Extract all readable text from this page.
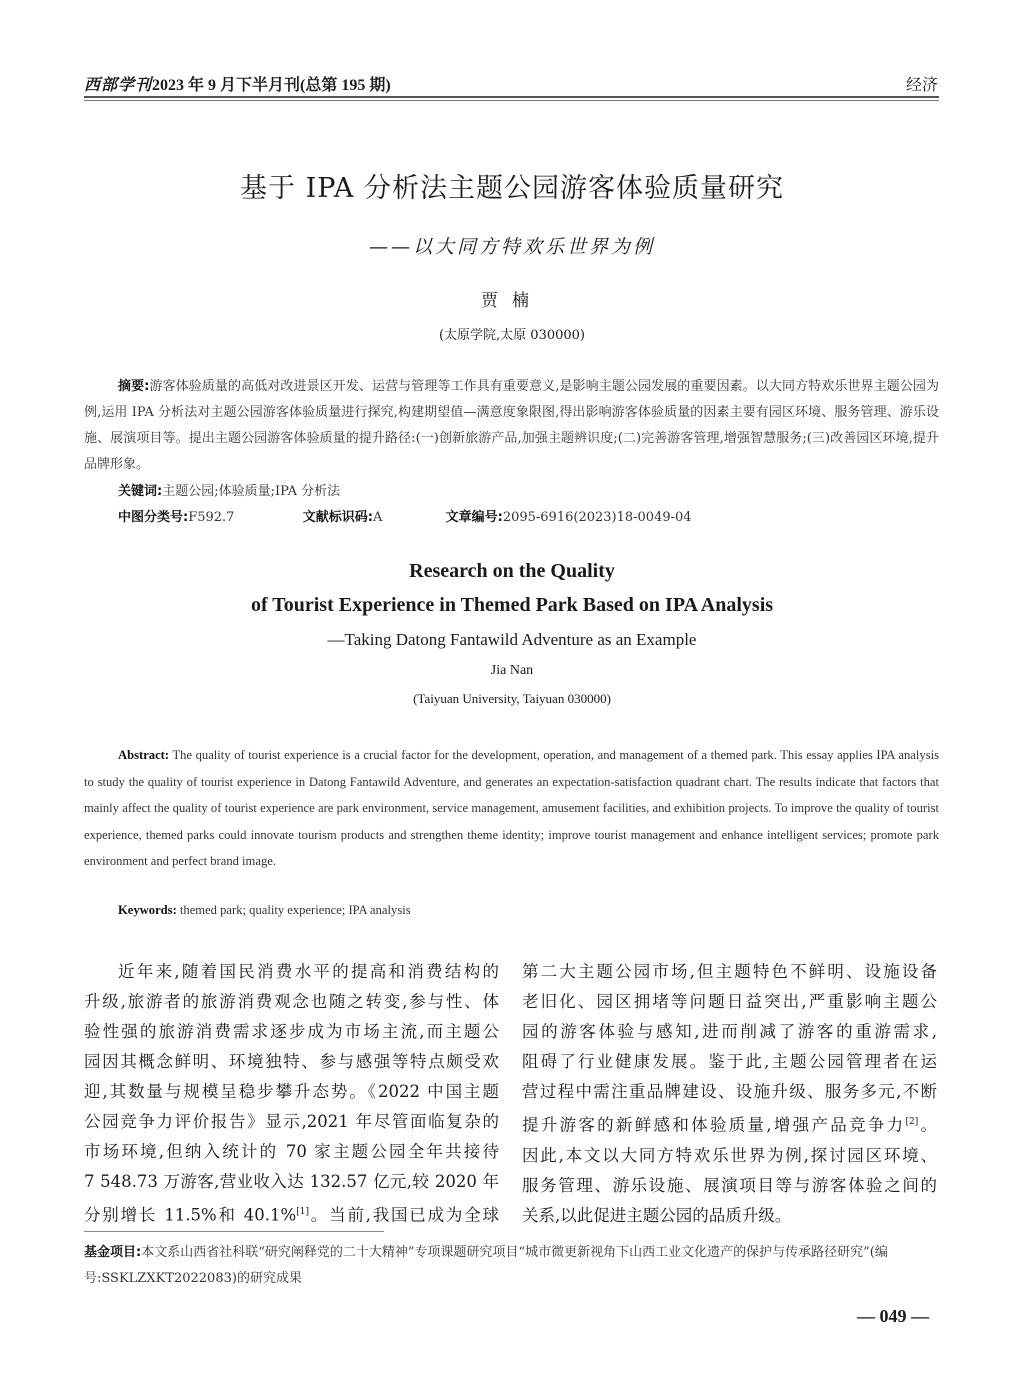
西部学刊2023 年 9 月下半月刊(总第 195 期)	经济
基于 IPA 分析法主题公园游客体验质量研究
——以大同方特欢乐世界为例
贾楠
(太原学院,太原 030000)
摘要:游客体验质量的高低对改进景区开发、运营与管理等工作具有重要意义,是影响主题公园发展的重要因素。以大同方特欢乐世界主题公园为例,运用 IPA 分析法对主题公园游客体验质量进行探究,构建期望值—满意度象限图,得出影响游客体验质量的因素主要有园区环境、服务管理、游乐设施、展演项目等。提出主题公园游客体验质量的提升路径:(一)创新旅游产品,加强主题辨识度;(二)完善游客管理,增强智慧服务;(三)改善园区环境,提升品牌形象。
关键词:主题公园;体验质量;IPA 分析法
中图分类号:F592.7	文献标识码:A	文章编号:2095-6916(2023)18-0049-04
Research on the Quality
of Tourist Experience in Themed Park Based on IPA Analysis
—Taking Datong Fantawild Adventure as an Example
Jia Nan
(Taiyuan University, Taiyuan 030000)
Abstract: The quality of tourist experience is a crucial factor for the development, operation, and management of a themed park. This essay applies IPA analysis to study the quality of tourist experience in Datong Fantawild Adventure, and generates an expectation-satisfaction quadrant chart. The results indicate that factors that mainly affect the quality of tourist experience are park environment, service management, amusement facilities, and exhibition projects. To improve the quality of tourist experience, themed parks could innovate tourism products and strengthen theme identity; improve tourist management and enhance intelligent services; promote park environment and perfect brand image.
Keywords: themed park; quality experience; IPA analysis
近年来,随着国民消费水平的提高和消费结构的
升级,旅游者的旅游消费观念也随之转变,参与性、体
验性强的旅游消费需求逐步成为市场主流,而主题公
园因其概念鲜明、环境独特、参与感强等特点颇受欢
迎,其数量与规模呈稳步攀升态势。《2022 中国主题
公园竞争力评价报告》显示,2021 年尽管面临复杂的
市场环境,但纳入统计的 70 家主题公园全年共接待
7 548.73 万游客,营业收入达 132.57 亿元,较 2020 年
分别增长 11.5%和 40.1%[1]。当前,我国已成为全球
第二大主题公园市场,但主题特色不鲜明、设施设备
老旧化、园区拥堵等问题日益突出,严重影响主题公
园的游客体验与感知,进而削减了游客的重游需求,
阻碍了行业健康发展。鉴于此,主题公园管理者在运
营过程中需注重品牌建设、设施升级、服务多元,不断
提升游客的新鲜感和体验质量,增强产品竞争力[2]。
因此,本文以大同方特欢乐世界为例,探讨园区环境、
服务管理、游乐设施、展演项目等与游客体验之间的
关系,以此促进主题公园的品质升级。
基金项目:本文系山西省社科联“研究阐释党的二十大精神”专项课题研究项目“城市微更新视角下山西工业文化遗产的保护与传承路径研究”(编号:SSKLZXKT2022083)的研究成果
— 049 —
